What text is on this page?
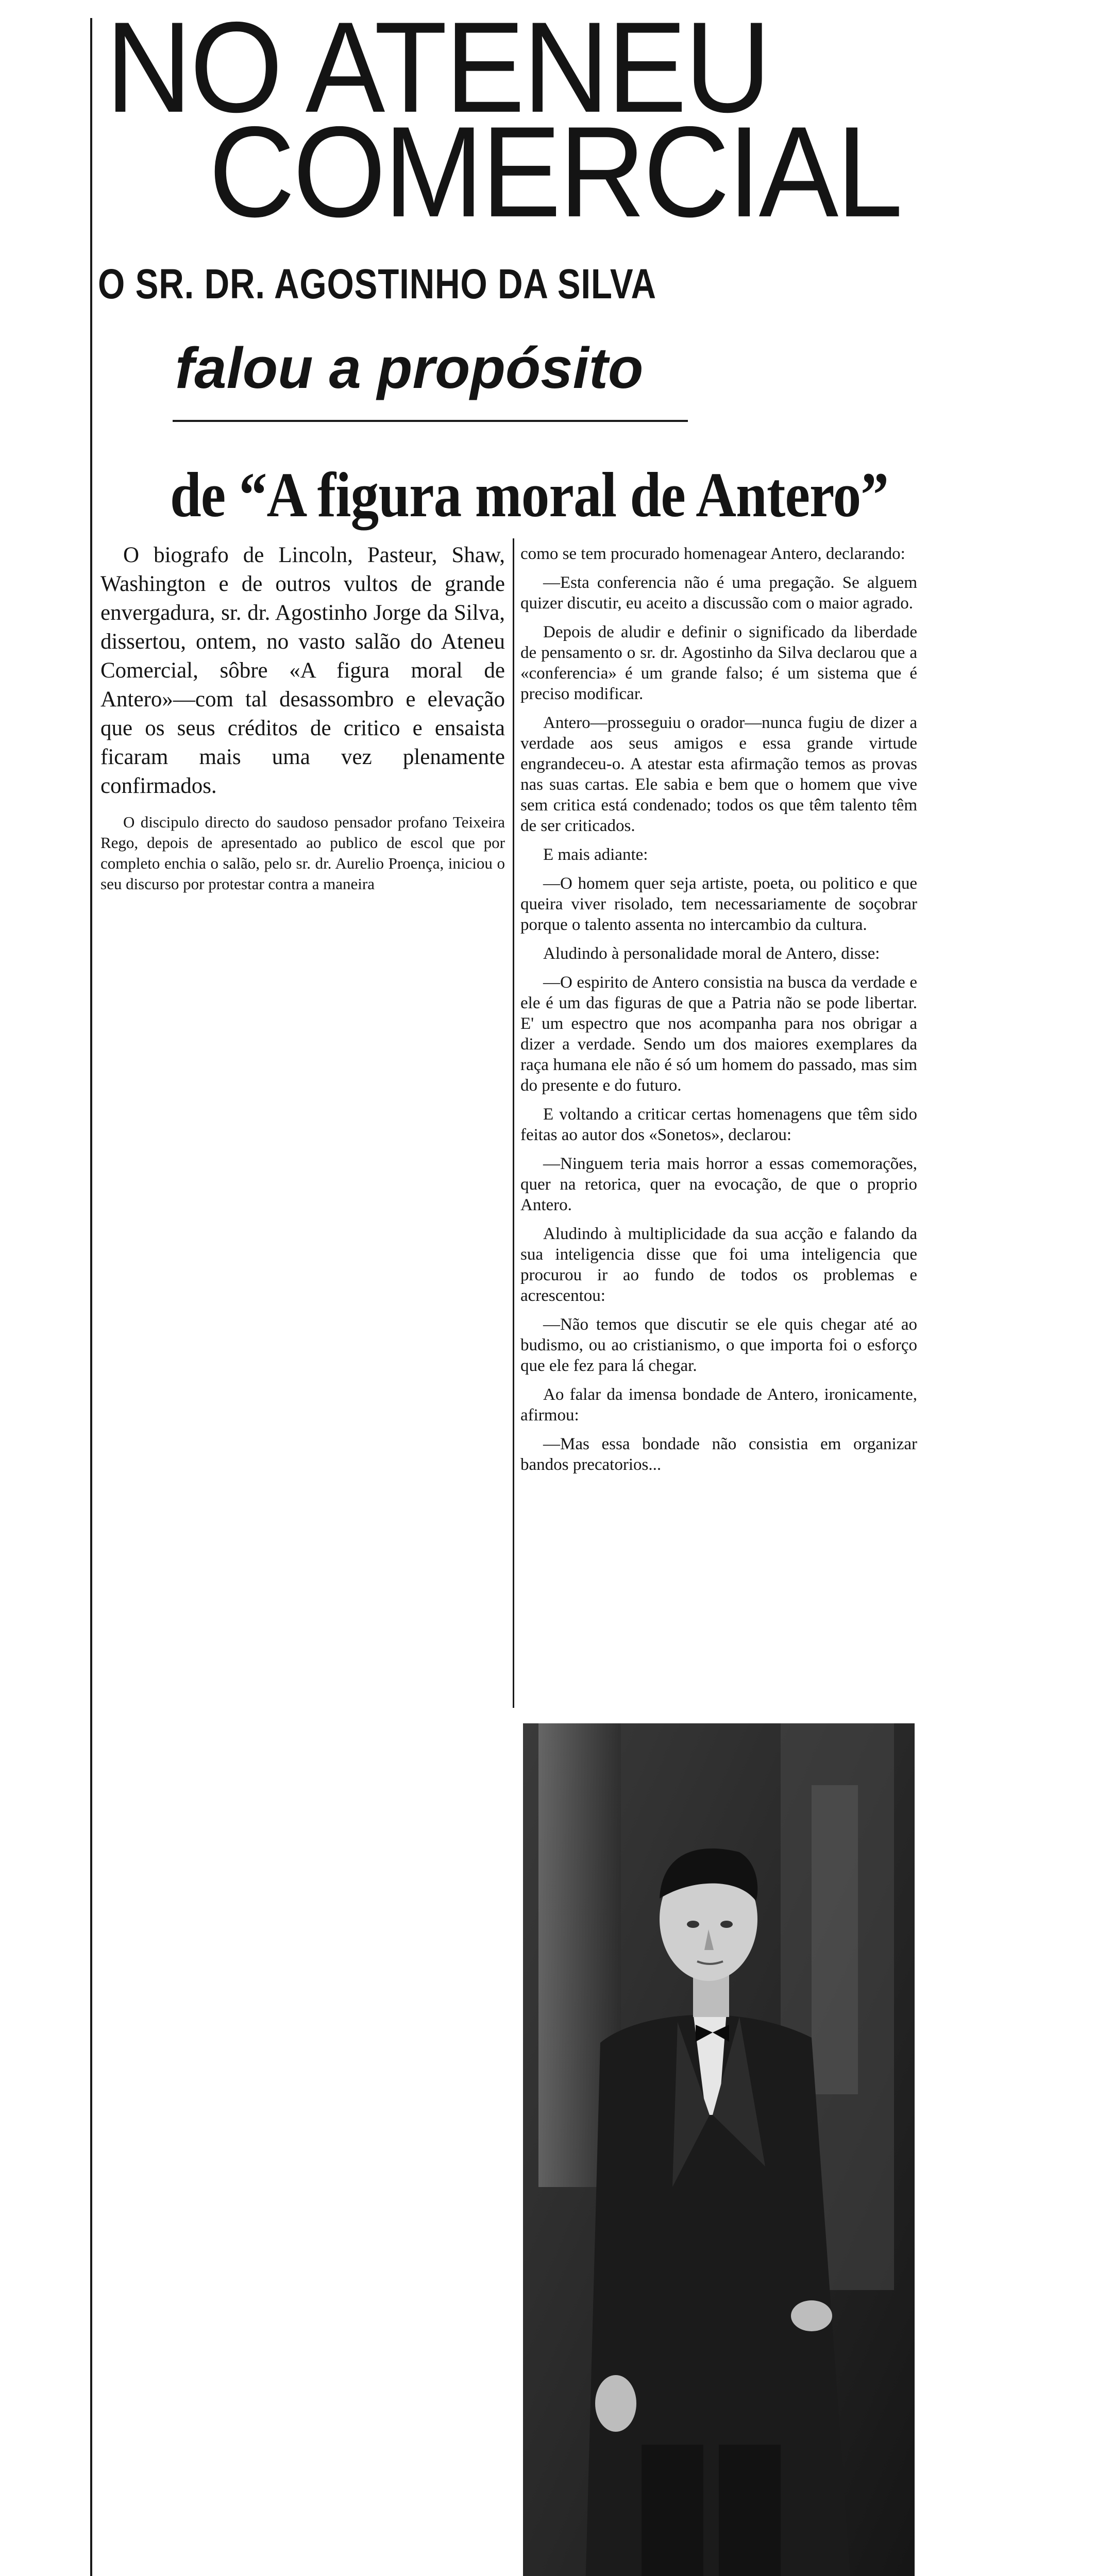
NO ATENEU
COMERCIAL
O SR. DR. AGOSTINHO DA SILVA
falou a propósito
de “A figura moral de Antero”

O biografo de Lincoln, Pasteur, Shaw, Washington e de outros vultos de grande envergadura, sr. dr. Agostinho Jorge da Silva, dissertou, ontem, no vasto salão do Ateneu Comercial, sôbre «A figura moral de Antero»—com tal desassombro e elevação que os seus créditos de critico e ensaista ficaram mais uma vez plenamente confirmados.

O discipulo directo do saudoso pensador profano Teixeira Rego, depois de apresentado ao publico de escol que por completo enchia o salão, pelo sr. dr. Aurelio Proença, iniciou o seu discurso por protestar contra a maneira

como se tem procurado homenagear Antero, declarando:

—Esta conferencia não é uma pregação. Se alguem quizer discutir, eu aceito a discussão com o maior agrado.

Depois de aludir e definir o significado da liberdade de pensamento o sr. dr. Agostinho da Silva declarou que a «conferencia» é um grande falso; é um sistema que é preciso modificar.

Antero—prosseguiu o orador—nunca fugiu de dizer a verdade aos seus amigos e essa grande virtude engrandeceu-o. A atestar esta afirmação temos as provas nas suas cartas. Ele sabia e bem que o homem que vive sem critica está condenado; todos os que têm talento têm de ser criticados.

E mais adiante:

—O homem quer seja artiste, poeta, ou politico e que queira viver risolado, tem necessariamente de soçobrar porque o talento assenta no intercambio da cultura.

Aludindo à personalidade moral de Antero, disse:

—O espirito de Antero consistia na busca da verdade e ele é um das figuras de que a Patria não se pode libertar. E' um espectro que nos acompanha para nos obrigar a dizer a verdade. Sendo um dos maiores exemplares da raça humana ele não é só um homem do passado, mas sim do presente e do futuro.

E voltando a criticar certas homenagens que têm sido feitas ao autor dos «Sonetos», declarou:

—Ninguem teria mais horror a essas comemorações, quer na retorica, quer na evocação, de que o proprio Antero.

Aludindo à multiplicidade da sua acção e falando da sua inteligencia disse que foi uma inteligencia que procurou ir ao fundo de todos os problemas e acrescentou:

—Não temos que discutir se ele quis chegar até ao budismo, ou ao cristianismo, o que importa foi o esforço que ele fez para lá chegar.

Ao falar da imensa bondade de Antero, ironicamente, afirmou:

—Mas essa bondade não consistia em organizar bandos precatorios...
